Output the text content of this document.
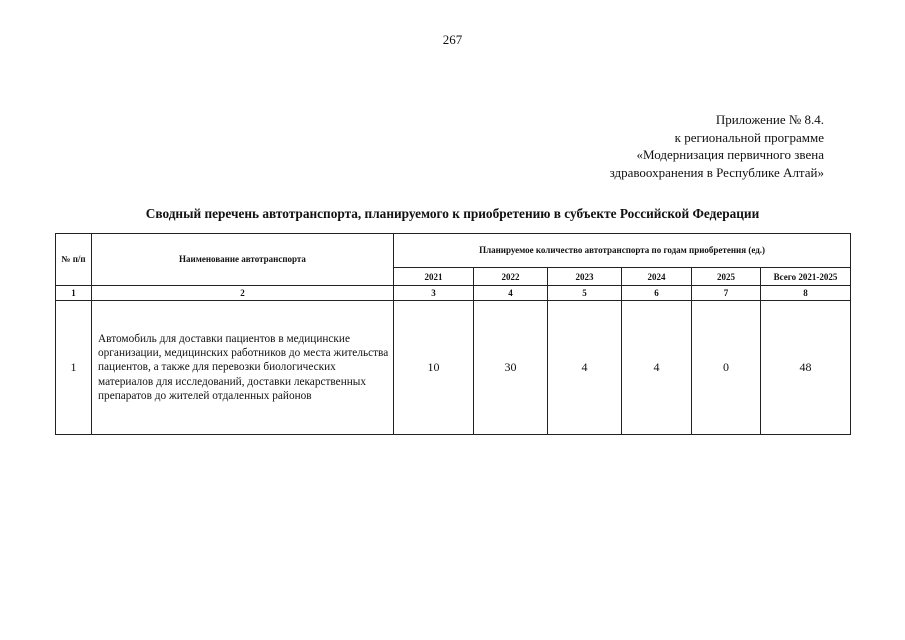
267
Приложение № 8.4.
к региональной программе
«Модернизация первичного звена
здравоохранения в Республике Алтай»
Сводный перечень автотранспорта, планируемого к приобретению в субъекте Российской Федерации
№ п/п	Наименование автотранспорта	Планируемое количество автотранспорта по годам приобретения (ед.)					
		2021	2022	2023	2024	2025	Всего 2021-2025
1	2	3	4	5	6	7	8
1	Автомобиль для доставки пациентов в медицинские организации, медицинских работников до места жительства пациентов, а также для перевозки биологических материалов для исследований, доставки лекарственных препаратов до жителей отдаленных районов	10	30	4	4	0	48
